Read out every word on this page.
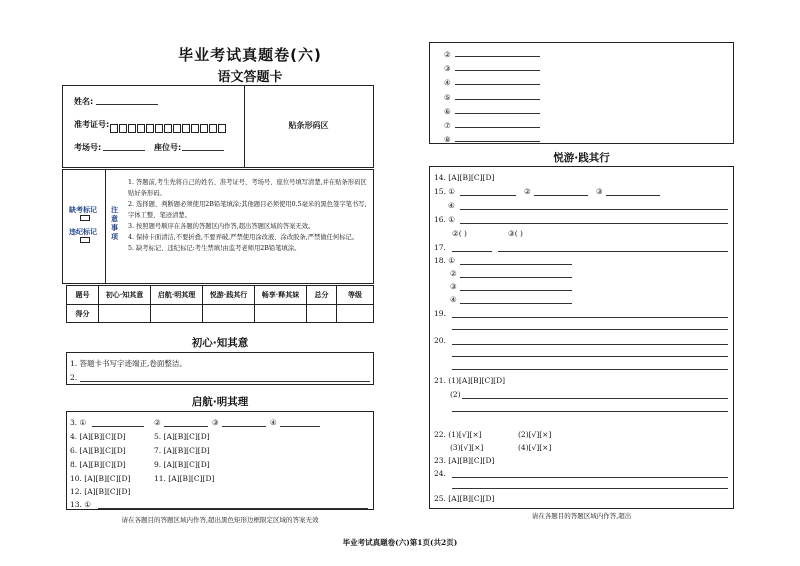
毕业考试真题卷(六)
语文答题卡
贴条形码区
姓名:
准考证号:
考场号:	座位号:
缺考标记
违纪标记
注意事项
1. 答题前,考生先将自己的姓名、准考证号、考场号、座位号填写清楚,并在贴条形码区贴好条形码。
2. 选择题、判断题必须使用2B铅笔填涂;其他题目必须使用0.5毫米的黑色签字笔书写,字体工整、笔迹清楚。
3. 按照题号顺序在各题的答题区内作答,超出答题区域的答案无效。
4. 保持卡面清洁,不要折叠,不要弄破,严禁使用涂改液、涂改胶条,严禁做任何标记。
5. 缺考标记、违纪标记:考生禁填!由监考老师用2B铅笔填涂。
题号	初心·知其意	启航·明其理	悦游·践其行	畅享·释其妹	总分	等级
得分
初心·知其意
1. 答题卡书写字迹端正,卷面整洁。
2.
启航·明其理
3. ①	②	③	④
4. [A][B][C][D]	5. [A][B][C][D]
6. [A][B][C][D]	7. [A][B][C][D]
8. [A][B][C][D]	9. [A][B][C][D]
10. [A][B][C][D]	11. [A][B][C][D]
12. [A][B][C][D]
13. ①
请在各题目的答题区域内作答,超出黑色矩形边框限定区域的答案无效
②
③
④
⑤
⑥
⑦
⑧
悦游·践其行
14. [A][B][C][D]
15. ①	②	③
④
16. ①
②( )	③( )
17.
18. ①
②
③
④
19.
20.
21. (1)[A][B][C][D]
(2)
22. (1)[√][×]	(2)[√][×]
(3)[√][×]	(4)[√][×]
23. [A][B][C][D]
24.
25. [A][B][C][D]
请在各题目的答题区域内作答,超出
毕业考试真题卷(六)第1页(共2页)
